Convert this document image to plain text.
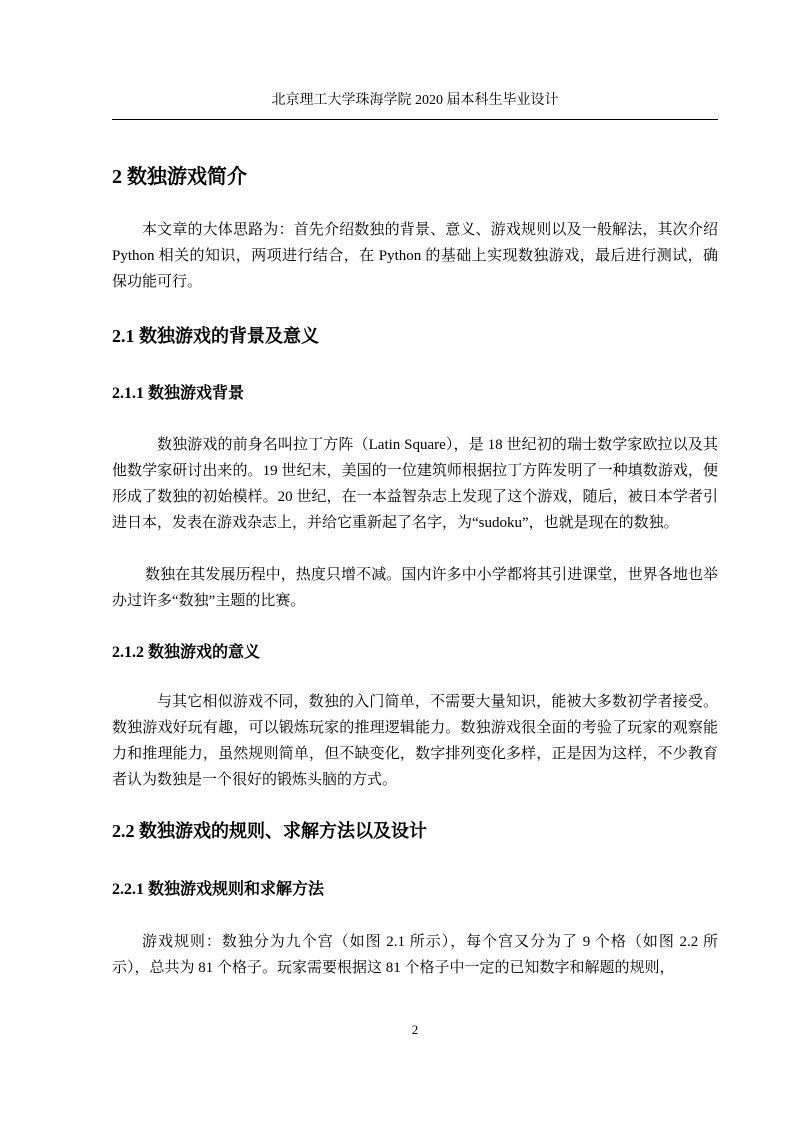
北京理工大学珠海学院 2020 届本科生毕业设计
2 数独游戏简介

本文章的大体思路为：首先介绍数独的背景、意义、游戏规则以及一般解法，其次介绍 Python 相关的知识，两项进行结合，在 Python 的基础上实现数独游戏，最后进行测试，确保功能可行。

2.1 数独游戏的背景及意义
2.1.1 数独游戏背景

数独游戏的前身名叫拉丁方阵（Latin Square），是 18 世纪初的瑞士数学家欧拉以及其他数学家研讨出来的。19 世纪末，美国的一位建筑师根据拉丁方阵发明了一种填数游戏，便形成了数独的初始模样。20 世纪，在一本益智杂志上发现了这个游戏，随后，被日本学者引进日本，发表在游戏杂志上，并给它重新起了名字，为“sudoku”，也就是现在的数独。

数独在其发展历程中，热度只增不减。国内许多中小学都将其引进课堂，世界各地也举办过许多“数独”主题的比赛。

2.1.2 数独游戏的意义

与其它相似游戏不同，数独的入门简单，不需要大量知识，能被大多数初学者接受。数独游戏好玩有趣，可以锻炼玩家的推理逻辑能力。数独游戏很全面的考验了玩家的观察能力和推理能力，虽然规则简单，但不缺变化，数字排列变化多样，正是因为这样，不少教育者认为数独是一个很好的锻炼头脑的方式。

2.2 数独游戏的规则、求解方法以及设计
2.2.1 数独游戏规则和求解方法

游戏规则：数独分为九个宫（如图 2.1 所示），每个宫又分为了 9 个格（如图 2.2 所示），总共为 81 个格子。玩家需要根据这 81 个格子中一定的已知数字和解题的规则，

2
